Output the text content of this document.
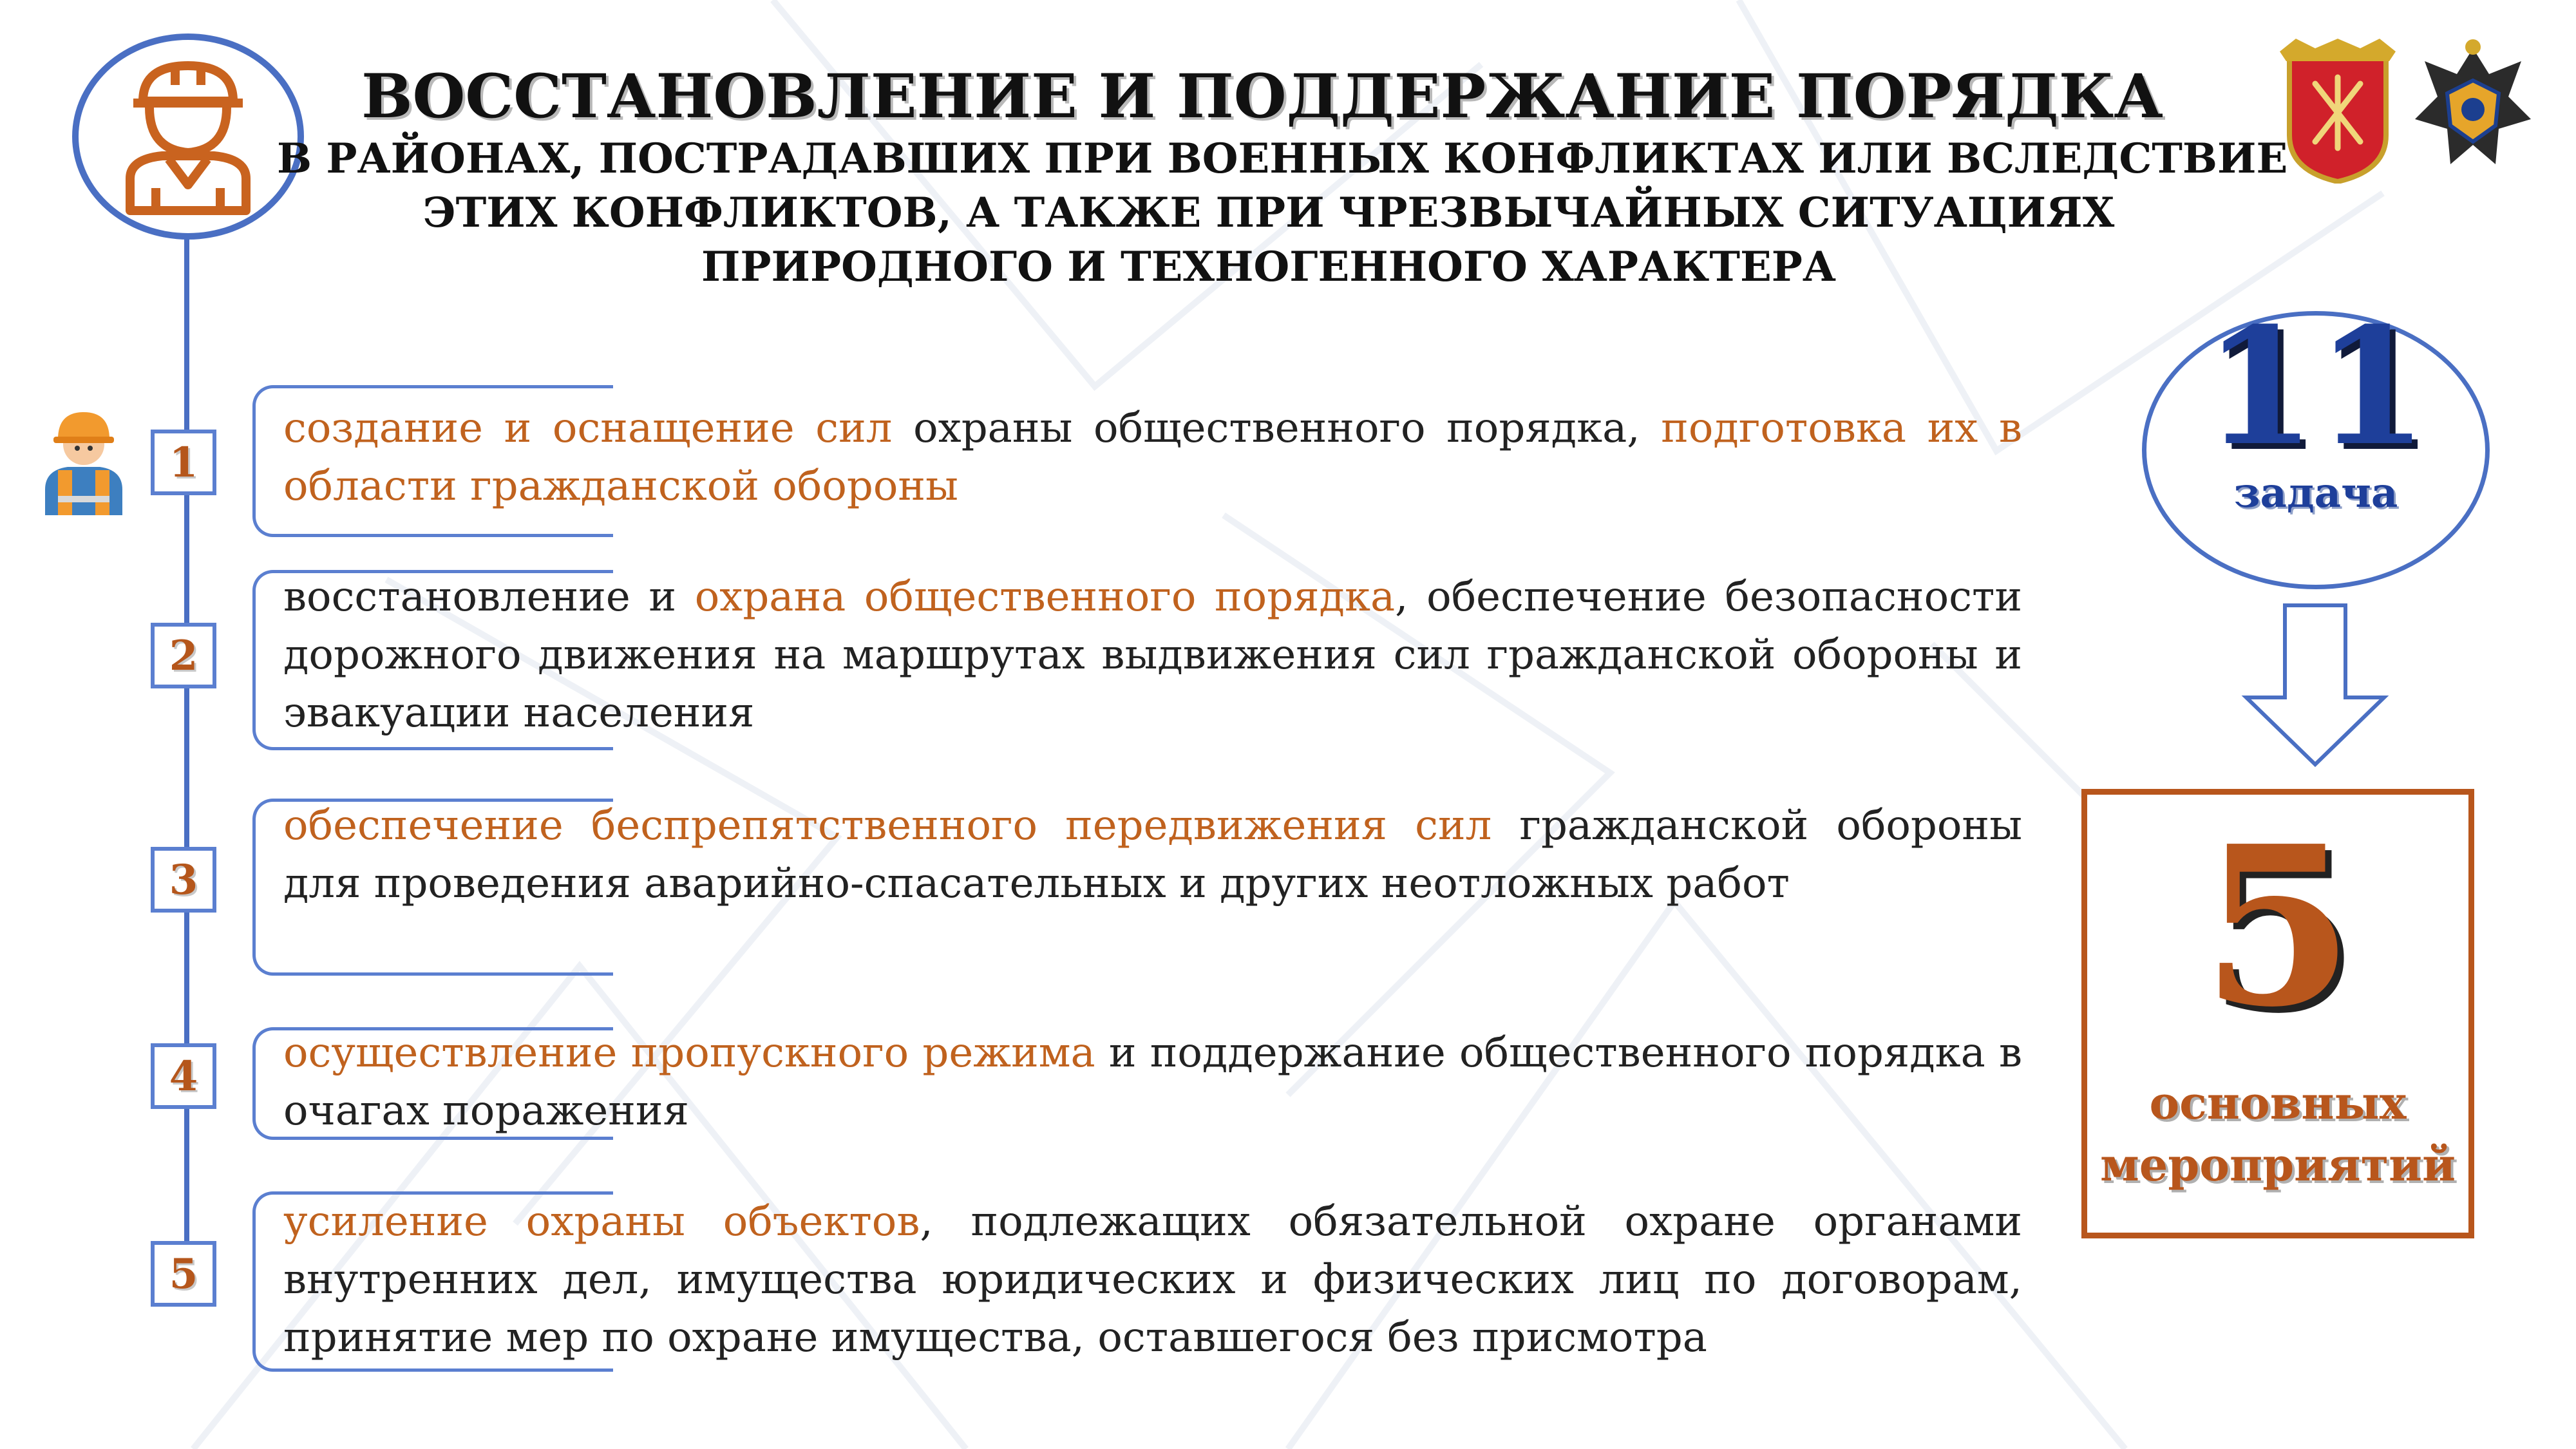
ВОССТАНОВЛЕНИЕ И ПОДДЕРЖАНИЕ ПОРЯДКА
В РАЙОНАХ, ПОСТРАДАВШИХ ПРИ ВОЕННЫХ КОНФЛИКТАХ ИЛИ ВСЛЕДСТВИЕ
ЭТИХ КОНФЛИКТОВ, А ТАКЖЕ ПРИ ЧРЕЗВЫЧАЙНЫХ СИТУАЦИЯХ
ПРИРОДНОГО И ТЕХНОГЕННОГО ХАРАКТЕРА
1
создание и оснащение сил охраны общественного порядка, подготовка их в области гражданской обороны
2
восстановление и охрана общественного порядка, обеспечение безопасности дорожного движения на маршрутах выдвижения сил гражданской обороны и эвакуации населения
3
обеспечение беспрепятственного передвижения сил гражданской обороны для проведения аварийно-спасательных и других неотложных работ
4	осуществление пропускного режима и поддержание общественного порядка в очагах поражения
5
усиление охраны объектов, подлежащих обязательной охране органами внутренних дел, имущества юридических и физических лиц по договорам, принятие мер по охране имущества, оставшегося без присмотра
11
задача
5
основных
мероприятий
